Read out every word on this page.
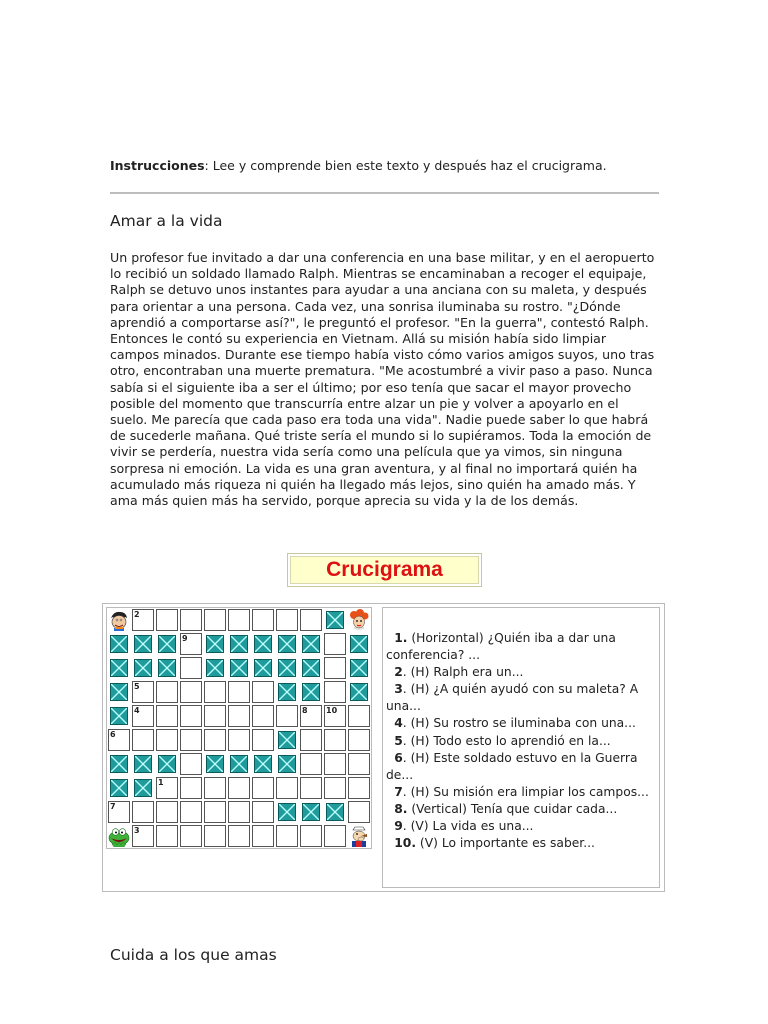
Instrucciones: Lee y comprende bien este texto y después haz el crucigrama.
Amar a la vida

Un profesor fue invitado a dar una conferencia en una base militar, y en el aeropuerto lo recibió un soldado llamado Ralph. Mientras se encaminaban a recoger el equipaje, Ralph se detuvo unos instantes para ayudar a una anciana con su maleta, y después para orientar a una persona. Cada vez, una sonrisa iluminaba su rostro. "¿Dónde aprendió a comportarse así?", le preguntó el profesor. "En la guerra", contestó Ralph. Entonces le contó su experiencia en Vietnam. Allá su misión había sido limpiar campos minados. Durante ese tiempo había visto cómo varios amigos suyos, uno tras otro, encontraban una muerte prematura. "Me acostumbré a vivir paso a paso. Nunca sabía si el siguiente iba a ser el último; por eso tenía que sacar el mayor provecho posible del momento que transcurría entre alzar un pie y volver a apoyarlo en el suelo. Me parecía que cada paso era toda una vida". Nadie puede saber lo que habrá de sucederle mañana. Qué triste sería el mundo si lo supiéramos. Toda la emoción de vivir se perdería, nuestra vida sería como una película que ya vimos, sin ninguna sorpresa ni emoción. La vida es una gran aventura, y al final no importará quién ha acumulado más riqueza ni quién ha llegado más lejos, sino quién ha amado más. Y ama más quien más ha servido, porque aprecia su vida y la de los demás.

Crucigrama
2
9
5
4	8 10
6
1
7
3
1. (Horizontal) ¿Quién iba a dar una conferencia? ...
2. (H) Ralph era un...
3. (H) ¿A quién ayudó con su maleta? A una...
4. (H) Su rostro se iluminaba con una...
5. (H) Todo esto lo aprendió en la...
6. (H) Este soldado estuvo en la Guerra de...
7. (H) Su misión era limpiar los campos...
8. (Vertical) Tenía que cuidar cada...
9. (V) La vida es una...
10. (V) Lo importante es saber...
Cuida a los que amas
